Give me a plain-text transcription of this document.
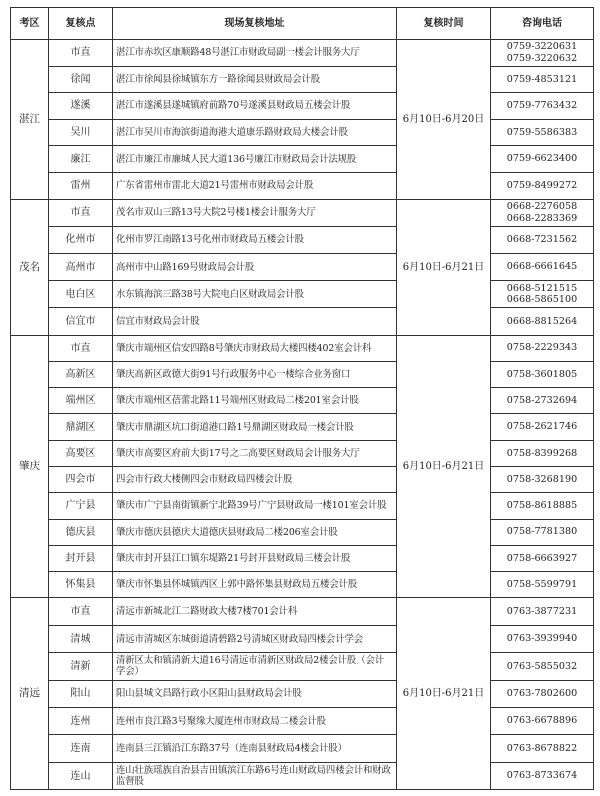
考区	复核点	现场复核地址	复核时间	咨询电话
湛江	市直	湛江市赤坎区康顺路48号湛江市财政局副一楼会计服务大厅	6月10日-6月20日	0759-3220631
0759-3220632

	徐闻	湛江市徐闻县徐城镇东方一路徐闻县财政局会计股		0759-4853121

	遂溪	湛江市遂溪县遂城镇府前路70号遂溪县财政局五楼会计股		0759-7763432

	吴川	湛江市吴川市海滨街道海港大道康乐路财政局大楼会计股		0759-5586383

	廉江	湛江市廉江市廉城人民大道136号廉江市财政局会计法规股		0759-6623400

	雷州	广东省雷州市雷北大道21号雷州市财政局会计股		0759-8499272

茂名	市直	茂名市双山三路13号大院2号楼1楼会计服务大厅	6月10日-6月21日	0668-2276058
0668-2283369

	化州市	化州市罗江南路13号化州市财政局五楼会计股		0668-7231562

	高州市	高州市中山路169号财政局会计股		0668-6661645

	电白区	水东镇海滨三路38号大院电白区财政局会计股		0668-5121515
0668-5865100

	信宜市	信宜市财政局会计股		0668-8815264

肇庆	市直	肇庆市端州区信安四路8号肇庆市财政局大楼四楼402室会计科	6月10日-6月21日	0758-2229343

	高新区	肇庆高新区政德大街91号行政服务中心一楼综合业务窗口		0758-3601805

	端州区	肇庆市端州区蓓蕾北路11号端州区财政局二楼201室会计股		0758-2732694

	鼎湖区	肇庆市鼎湖区坑口街道港口路1号鼎湖区财政局一楼会计股		0758-2621746

	高要区	肇庆市高要区府前大街17号之二高要区财政局会计服务大厅		0758-8399268

	四会市	四会市行政大楼侧四会市财政局四楼会计股		0758-3268190

	广宁县	肇庆市广宁县南街镇新宁北路39号广宁县财政局一楼101室会计股		0758-8618885

	德庆县	肇庆市德庆县德庆大道德庆县财政局二楼206室会计股		0758-7781380

	封开县	肇庆市封开县江口镇东堤路21号封开县财政局三楼会计股		0758-6663927

	怀集县	肇庆市怀集县怀城镇西区上郭中路怀集县财政局五楼会计股		0758-5599791

清远	市直	清远市新城北江二路财政大楼7楼701会计科	6月10日-6月21日	0763-3877231

	清城	清远市清城区东城街道清碧路2号清城区财政局四楼会计学会		0763-3939940

	清新	清新区太和镇清新大道16号清远市清新区财政局2楼会计股（会计学会）		0763-5855032

	阳山	阳山县城文昌路行政小区阳山县财政局会计股		0763-7802600

	连州	连州市良江路3号聚缘大厦连州市财政局二楼会计股		0763-6678896

	连南	连南县三江镇沿江东路37号（连南县财政局4楼会计股）		0763-8678822

	连山	连山壮族瑶族自治县吉田镇滨江东路6号连山财政局四楼会计和财政监督股		0763-8733674
